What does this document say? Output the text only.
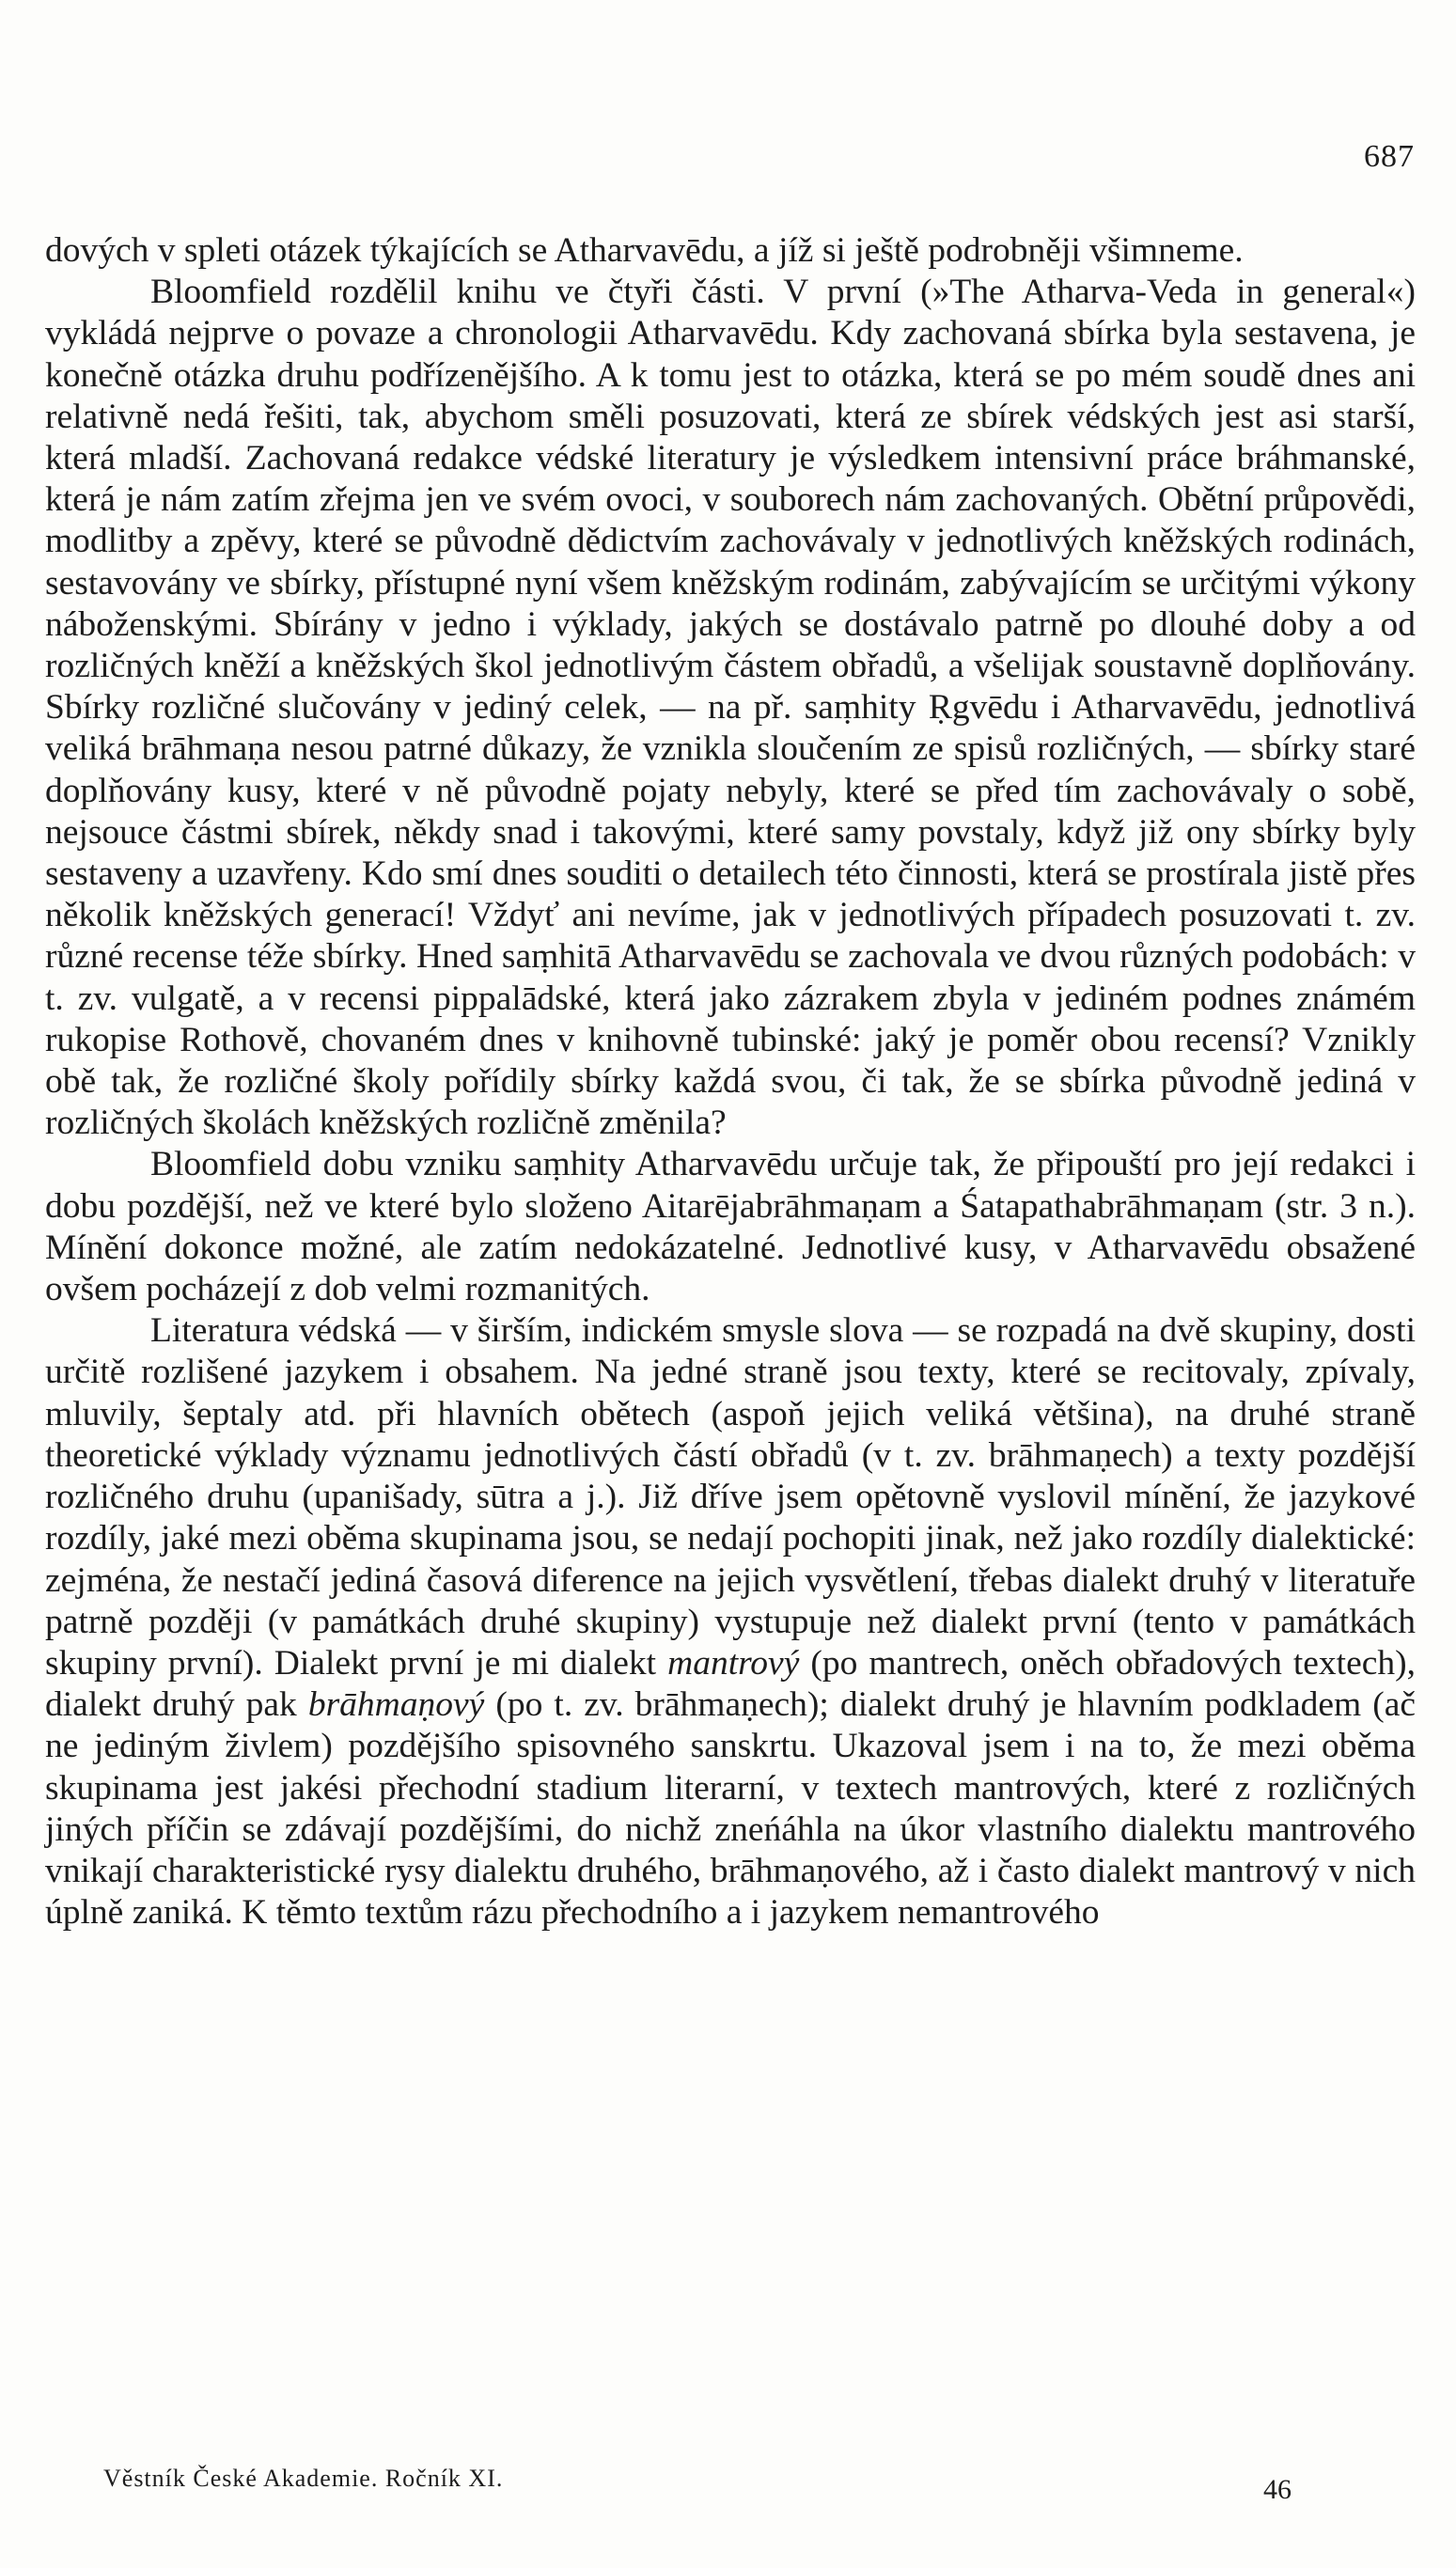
687

dových v spleti otázek týkajících se Atharvavēdu, a jíž si ještě podrobněji všimneme.

Bloomfield rozdělil knihu ve čtyři části. V první (»The Atharva-Veda in general«) vykládá nejprve o povaze a chronologii Atharvavēdu. Kdy zachovaná sbírka byla sestavena, je konečně otázka druhu podřízenějšího. A k tomu jest to otázka, která se po mém soudě dnes ani relativně nedá řešiti, tak, abychom směli posuzovati, která ze sbírek védských jest asi starší, která mladší. Zachovaná redakce védské literatury je výsledkem intensivní práce bráhmanské, která je nám zatím zřejma jen ve svém ovoci, v souborech nám zachovaných. Obětní průpovědi, modlitby a zpěvy, které se původně dědictvím zachovávaly v jednotlivých kněžských rodinách, sestavovány ve sbírky, přístupné nyní všem kněžským rodinám, zabývajícím se určitými výkony náboženskými. Sbírány v jedno i výklady, jakých se dostávalo patrně po dlouhé doby a od rozličných kněží a kněžských škol jednotlivým částem obřadů, a všelijak soustavně doplňovány. Sbírky rozličné slučovány v jediný celek, — na př. saṃhity Ṛgvēdu i Atharvavēdu, jednotlivá veliká brāhmaṇa nesou patrné důkazy, že vznikla sloučením ze spisů rozličných, — sbírky staré doplňovány kusy, které v ně původně pojaty nebyly, které se před tím zachovávaly o sobě, nejsouce částmi sbírek, někdy snad i takovými, které samy povstaly, když již ony sbírky byly sestaveny a uzavřeny. Kdo smí dnes souditi o detailech této činnosti, která se prostírala jistě přes několik kněžských generací! Vždyť ani nevíme, jak v jednotlivých případech posuzovati t. zv. různé recense téže sbírky. Hned saṃhitā Atharvavēdu se zachovala ve dvou různých podobách: v t. zv. vulgatě, a v recensi pippalādské, která jako zázrakem zbyla v jediném podnes známém rukopise Rothově, chovaném dnes v knihovně tubinské: jaký je poměr obou recensí? Vznikly obě tak, že rozličné školy pořídily sbírky každá svou, či tak, že se sbírka původně jediná v rozličných školách kněžských rozličně změnila?

Bloomfield dobu vzniku saṃhity Atharvavēdu určuje tak, že připouští pro její redakci i dobu pozdější, než ve které bylo složeno Aitarējabrāhmaṇam a Śatapathabrāhmaṇam (str. 3 n.). Mínění dokonce možné, ale zatím nedokázatelné. Jednotlivé kusy, v Atharvavēdu obsažené ovšem pocházejí z dob velmi rozmanitých.

Literatura védská — v širším, indickém smysle slova — se rozpadá na dvě skupiny, dosti určitě rozlišené jazykem i obsahem. Na jedné straně jsou texty, které se recitovaly, zpívaly, mluvily, šeptaly atd. při hlavních obětech (aspoň jejich veliká většina), na druhé straně theoretické výklady významu jednotlivých částí obřadů (v t. zv. brāhmaṇech) a texty pozdější rozličného druhu (upanišady, sūtra a j.). Již dříve jsem opětovně vyslovil mínění, že jazykové rozdíly, jaké mezi oběma skupinama jsou, se nedají pochopiti jinak, než jako rozdíly dialektické: zejména, že nestačí jediná časová diference na jejich vysvětlení, třebas dialekt druhý v literatuře patrně později (v památkách druhé skupiny) vystupuje než dialekt první (tento v památkách skupiny první). Dialekt první je mi dialekt mantrový (po mantrech, oněch obřadových textech), dialekt druhý pak brāhmaṇový (po t. zv. brāhmaṇech); dialekt druhý je hlavním podkladem (ač ne jediným živlem) pozdějšího spisovného sanskrtu. Ukazoval jsem i na to, že mezi oběma skupinama jest jakési přechodní stadium literarní, v textech mantrových, které z rozličných jiných příčin se zdávají pozdějšími, do nichž zneńáhla na úkor vlastního dialektu mantrového vnikají charakteristické rysy dialektu druhého, brāhmaṇového, až i často dialekt mantrový v nich úplně zaniká. K těmto textům rázu přechodního a i jazykem nemantrového

Věstník České Akademie. Ročník XI.	46
